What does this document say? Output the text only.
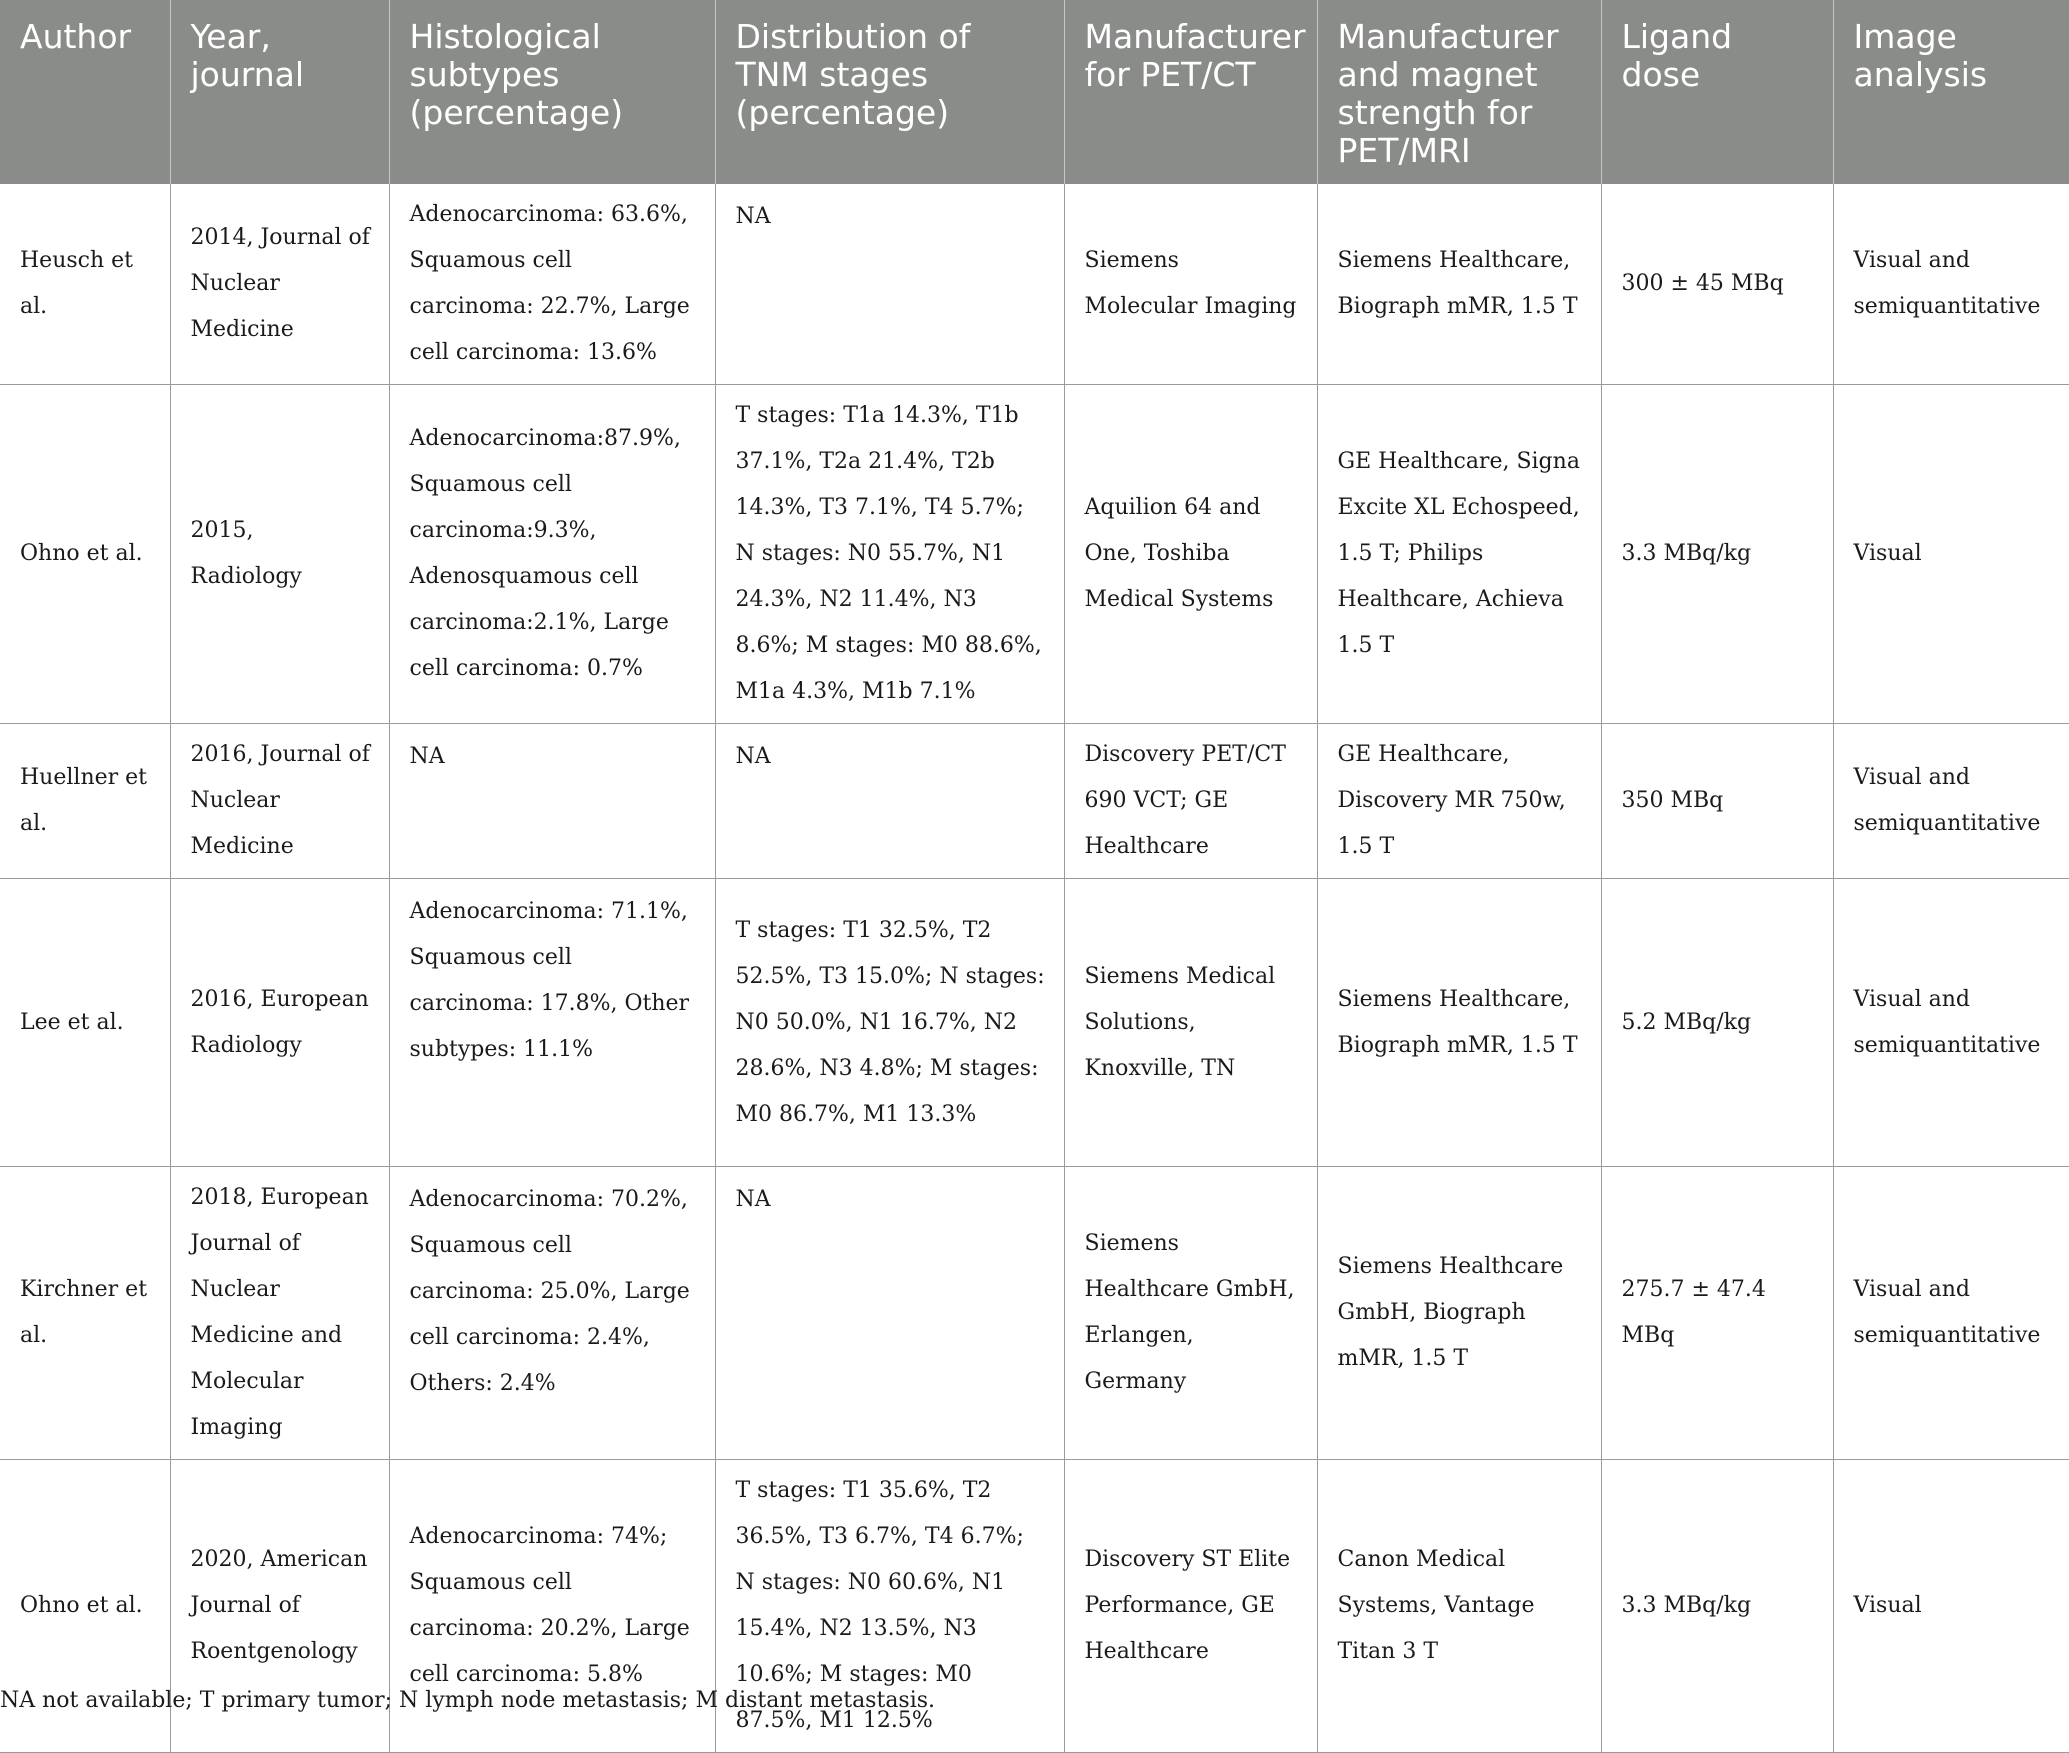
Author	Year, journal	Histological subtypes (percentage)	Distribution of TNM stages (percentage)	Manufacturer for PET/CT	Manufacturer and magnet strength for PET/MRI	Ligand dose	Image analysis
Heusch et al.	2014, Journal of Nuclear Medicine	Adenocarcinoma: 63.6%, Squamous cell carcinoma: 22.7%, Large cell carcinoma: 13.6%	NA	Siemens Molecular Imaging	Siemens Healthcare, Biograph mMR, 1.5 T	300 ± 45 MBq	Visual and semiquantitative
Ohno et al.	2015, Radiology	Adenocarcinoma:87.9%, Squamous cell carcinoma:9.3%, Adenosquamous cell carcinoma:2.1%, Large cell carcinoma: 0.7%	T stages: T1a 14.3%, T1b 37.1%, T2a 21.4%, T2b 14.3%, T3 7.1%, T4 5.7%; N stages: N0 55.7%, N1 24.3%, N2 11.4%, N3 8.6%; M stages: M0 88.6%, M1a 4.3%, M1b 7.1%	Aquilion 64 and One, Toshiba Medical Systems	GE Healthcare, Signa Excite XL Echospeed, 1.5 T; Philips Healthcare, Achieva 1.5 T	3.3 MBq/kg	Visual
Huellner et al.	2016, Journal of Nuclear Medicine	NA	NA	Discovery PET/CT 690 VCT; GE Healthcare	GE Healthcare, Discovery MR 750w, 1.5 T	350 MBq	Visual and semiquantitative
Lee et al.	2016, European Radiology	Adenocarcinoma: 71.1%, Squamous cell carcinoma: 17.8%, Other subtypes: 11.1%	T stages: T1 32.5%, T2 52.5%, T3 15.0%; N stages: N0 50.0%, N1 16.7%, N2 28.6%, N3 4.8%; M stages: M0 86.7%, M1 13.3%	Siemens Medical Solutions, Knoxville, TN	Siemens Healthcare, Biograph mMR, 1.5 T	5.2 MBq/kg	Visual and semiquantitative
Kirchner et al.	2018, European Journal of Nuclear Medicine and Molecular Imaging	Adenocarcinoma: 70.2%, Squamous cell carcinoma: 25.0%, Large cell carcinoma: 2.4%, Others: 2.4%	NA	Siemens Healthcare GmbH, Erlangen, Germany	Siemens Healthcare GmbH, Biograph mMR, 1.5 T	275.7 ± 47.4 MBq	Visual and semiquantitative
Ohno et al.	2020, American Journal of Roentgenology	Adenocarcinoma: 74%; Squamous cell carcinoma: 20.2%, Large cell carcinoma: 5.8%	T stages: T1 35.6%, T2 36.5%, T3 6.7%, T4 6.7%; N stages: N0 60.6%, N1 15.4%, N2 13.5%, N3 10.6%; M stages: M0 87.5%, M1 12.5%	Discovery ST Elite Performance, GE Healthcare	Canon Medical Systems, Vantage Titan 3 T	3.3 MBq/kg	Visual
NA not available; T primary tumor; N lymph node metastasis; M distant metastasis.
